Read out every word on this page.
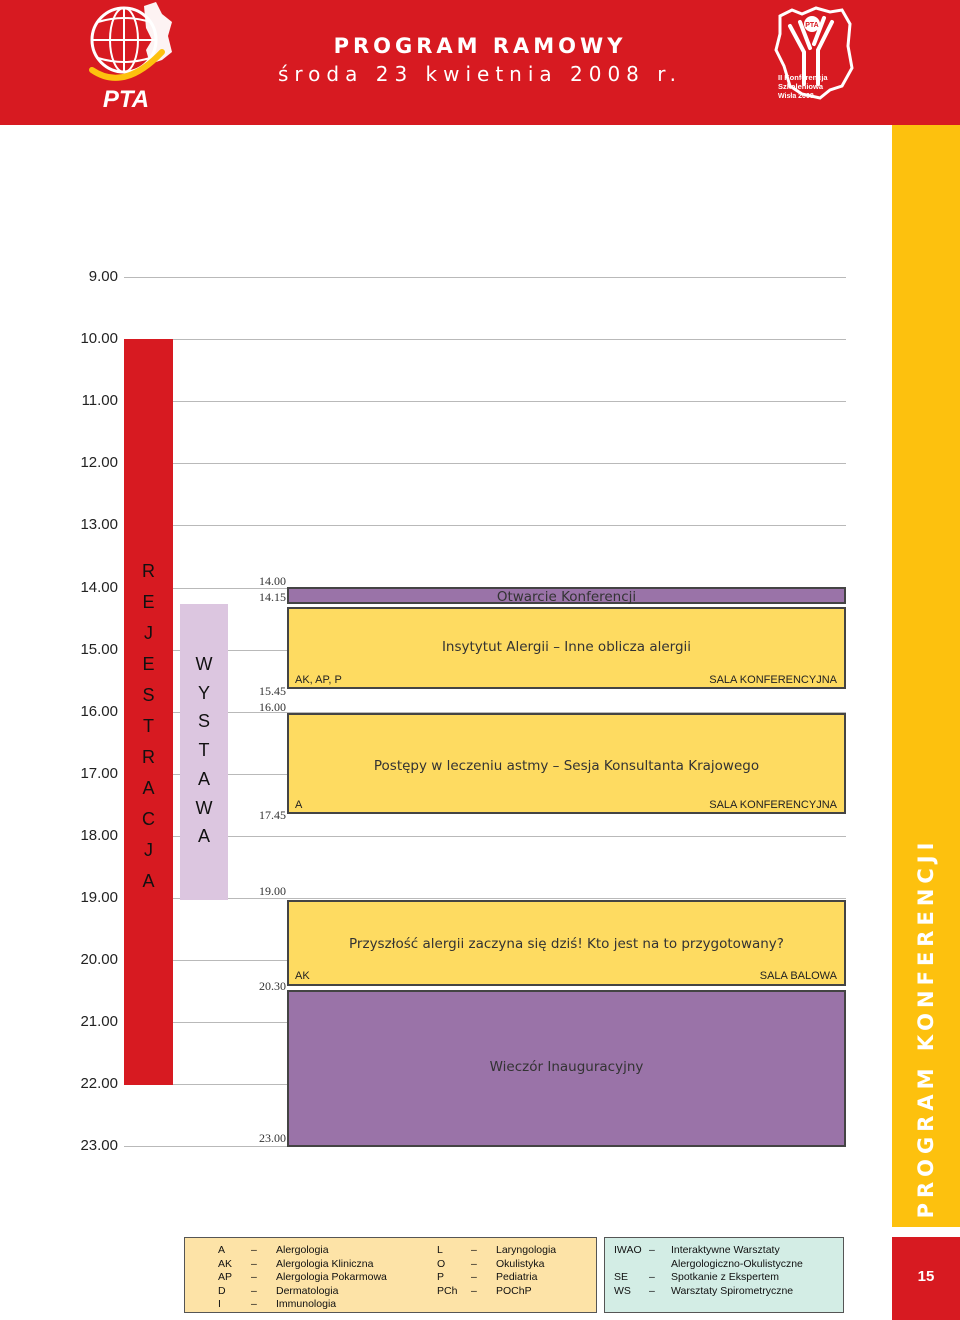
PTA
PROGRAM RAMOWY
środa 23 kwietnia 2008 r.
PTA
II Konferencja
Szkoleniowa
Wisła 2008
PROGRAM KONFERENCJI
9.00
10.00
11.00
12.00
13.00
14.00
15.00
16.00
17.00
18.00
19.00
20.00
21.00
22.00
23.00
R
E
J
E
S
T
R
A
C
J
A
W
Y
S
T
A
W
A
14.00
14.15
15.45
16.00
17.45
19.00
20.30
23.00
Otwarcie Konferencji
Insytytut Alergii – Inne oblicza alergii
AK, AP, P	SALA KONFERENCYJNA
Postępy w leczeniu astmy – Sesja Konsultanta Krajowego
A	SALA KONFERENCYJNA
Przyszłość alergii zaczyna się dziś! Kto jest na to przygotowany?
AK	SALA BALOWA
Wieczór Inauguracyjny
A – Alergologia
AK – Alergologia Kliniczna
AP – Alergologia Pokarmowa
D – Dermatologia
I	– Immunologia
L	– Laryngologia
O – Okulistyka
P	– Pediatria
PCh – POChP
IWAO – Interaktywne Warsztaty
Alergologiczno-Okulistyczne
SE – Spotkanie z Ekspertem
WS – Warsztaty Spirometryczne
15
